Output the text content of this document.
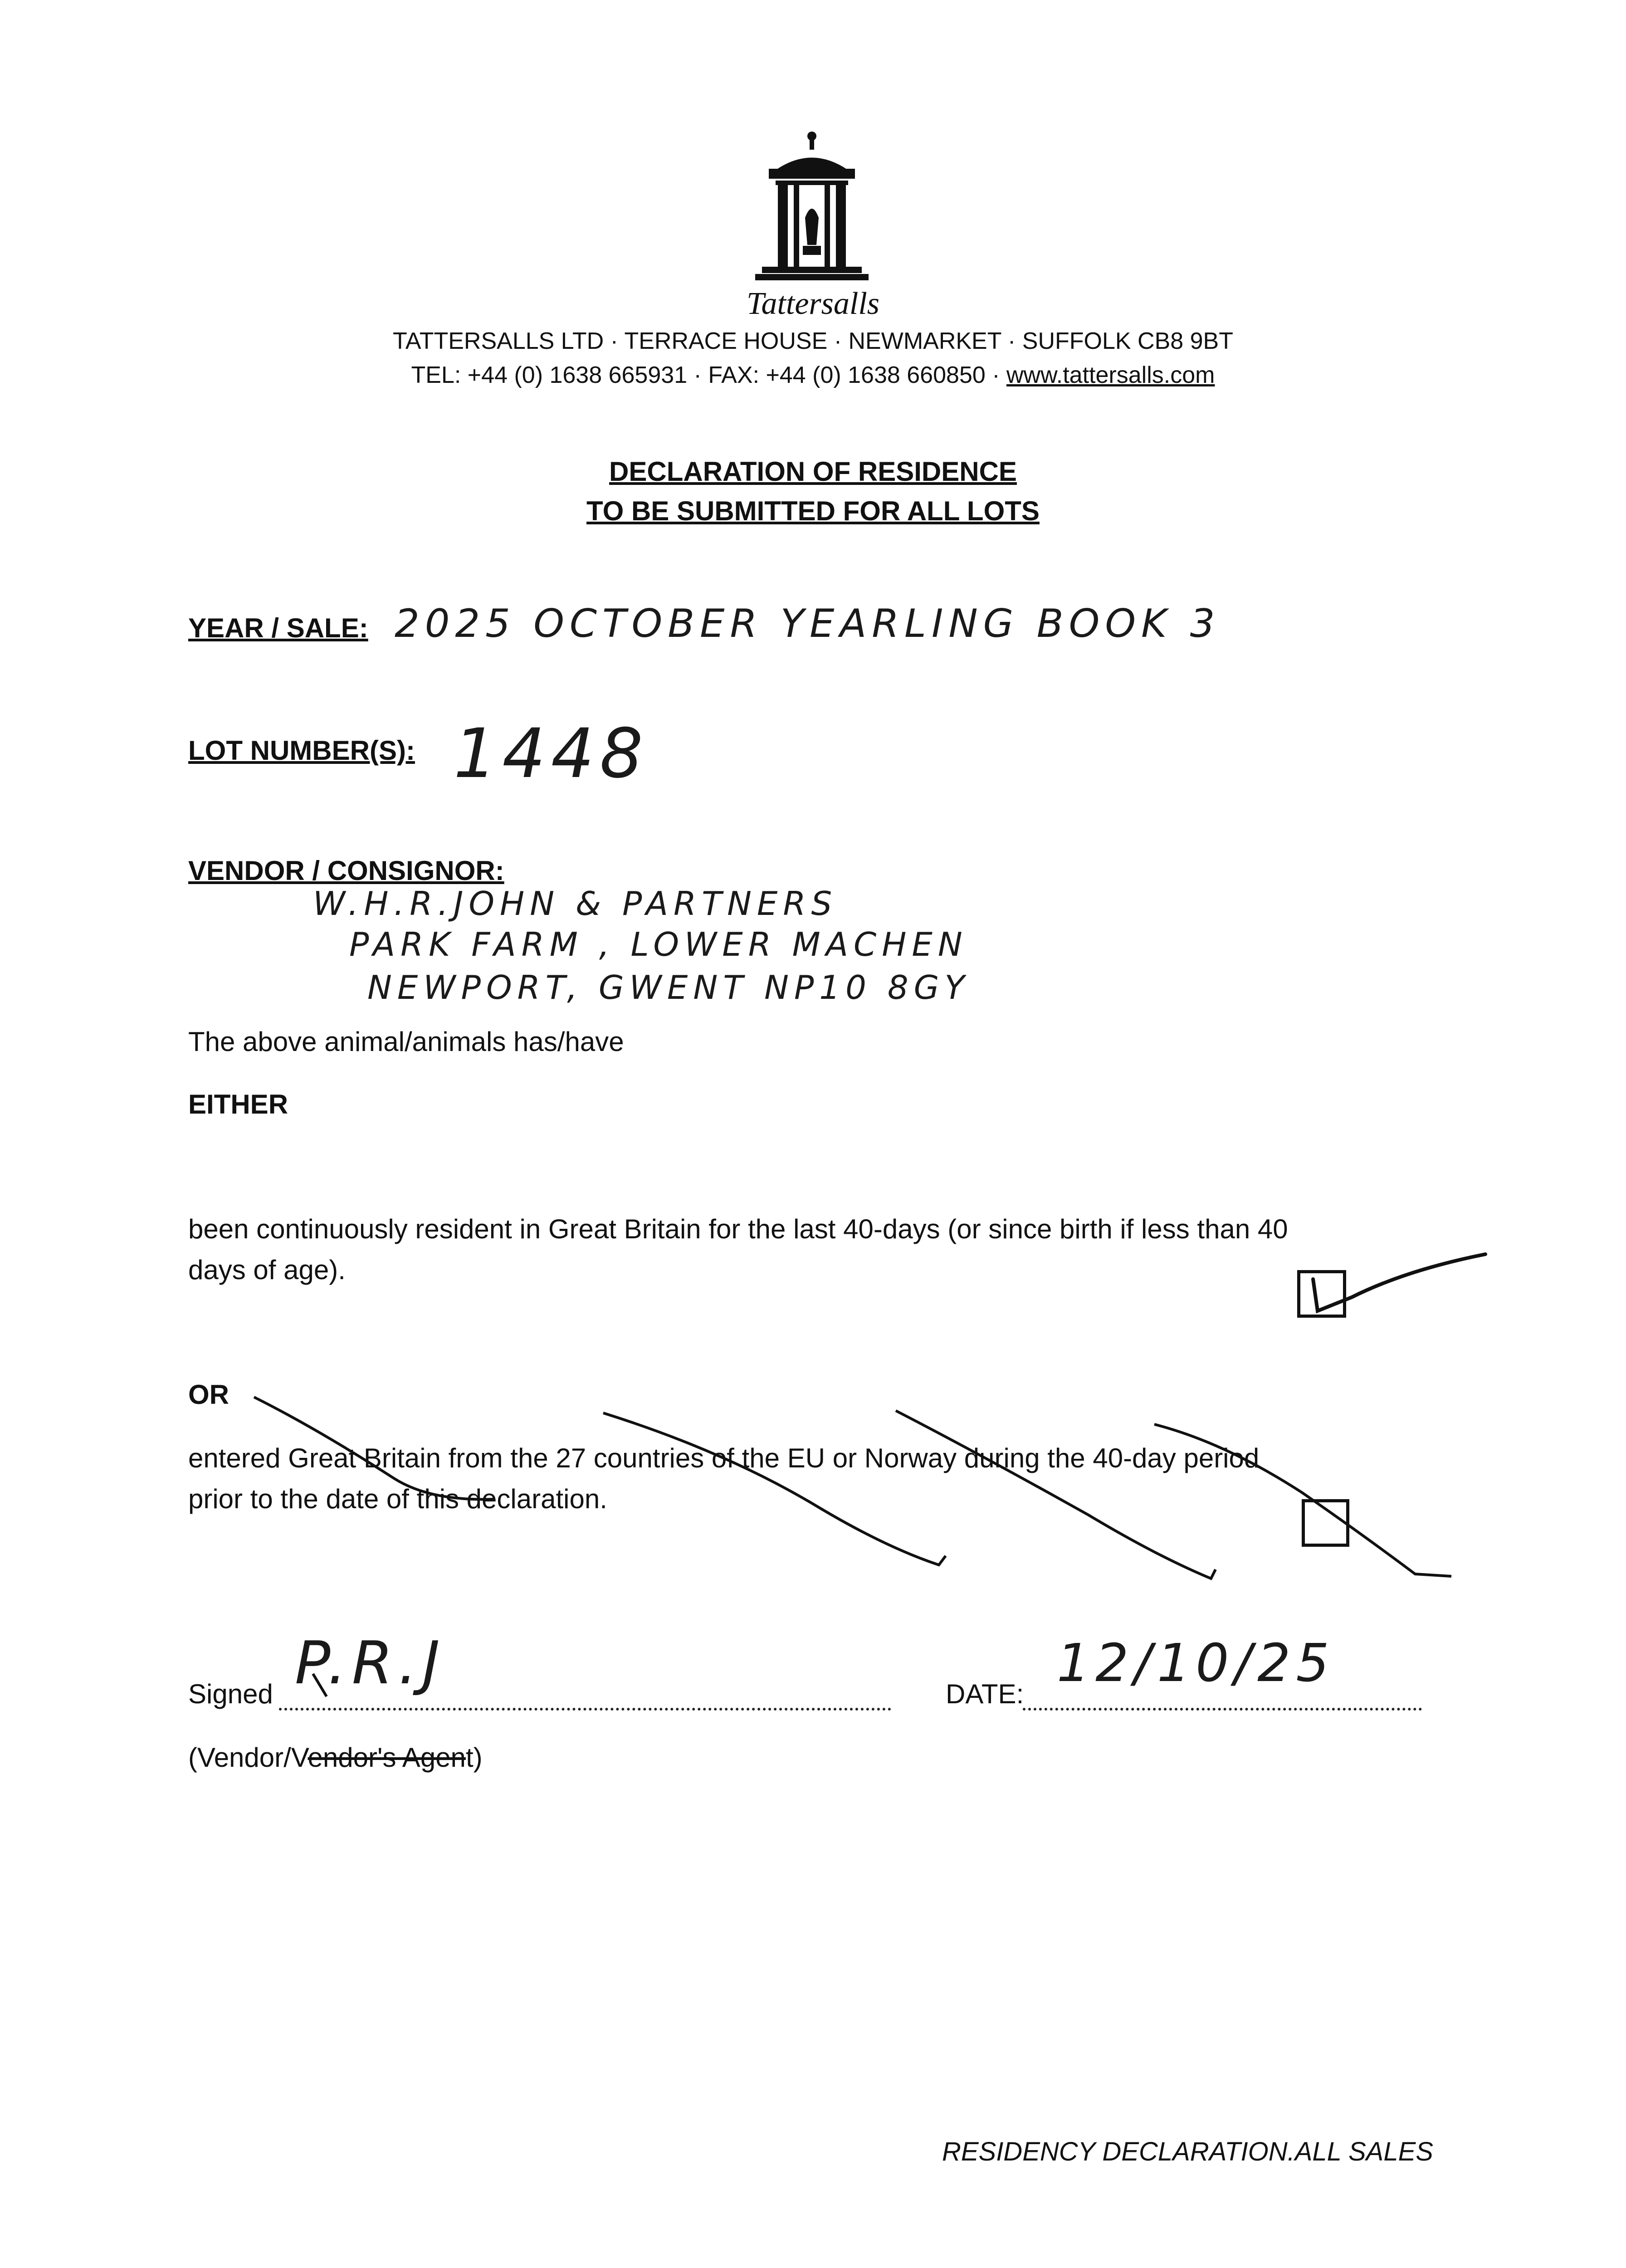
Tattersalls
TATTERSALLS LTD · TERRACE HOUSE · NEWMARKET · SUFFOLK CB8 9BT
TEL: +44 (0) 1638 665931 · FAX: +44 (0) 1638 660850 · www.tattersalls.com
DECLARATION OF RESIDENCE
TO BE SUBMITTED FOR ALL LOTS
YEAR / SALE: 2025 OCTOBER YEARLING BOOK 3
LOT NUMBER(S): 1448
VENDOR / CONSIGNOR:
W.H.R.JOHN & PARTNERS
PARK FARM , LOWER MACHEN
NEWPORT, GWENT NP10 8GY
The above animal/animals has/have
EITHER
been continuously resident in Great Britain for the last 40-days (or since birth if less than 40
days of age).
OR
entered Great Britain from the 27 countries of the EU or Norway during the 40-day period
prior to the date of this declaration.
Signed P.R.J	DATE:
12/10/25
(Vendor/Vendor's Agent)
RESIDENCY DECLARATION.ALL SALES
